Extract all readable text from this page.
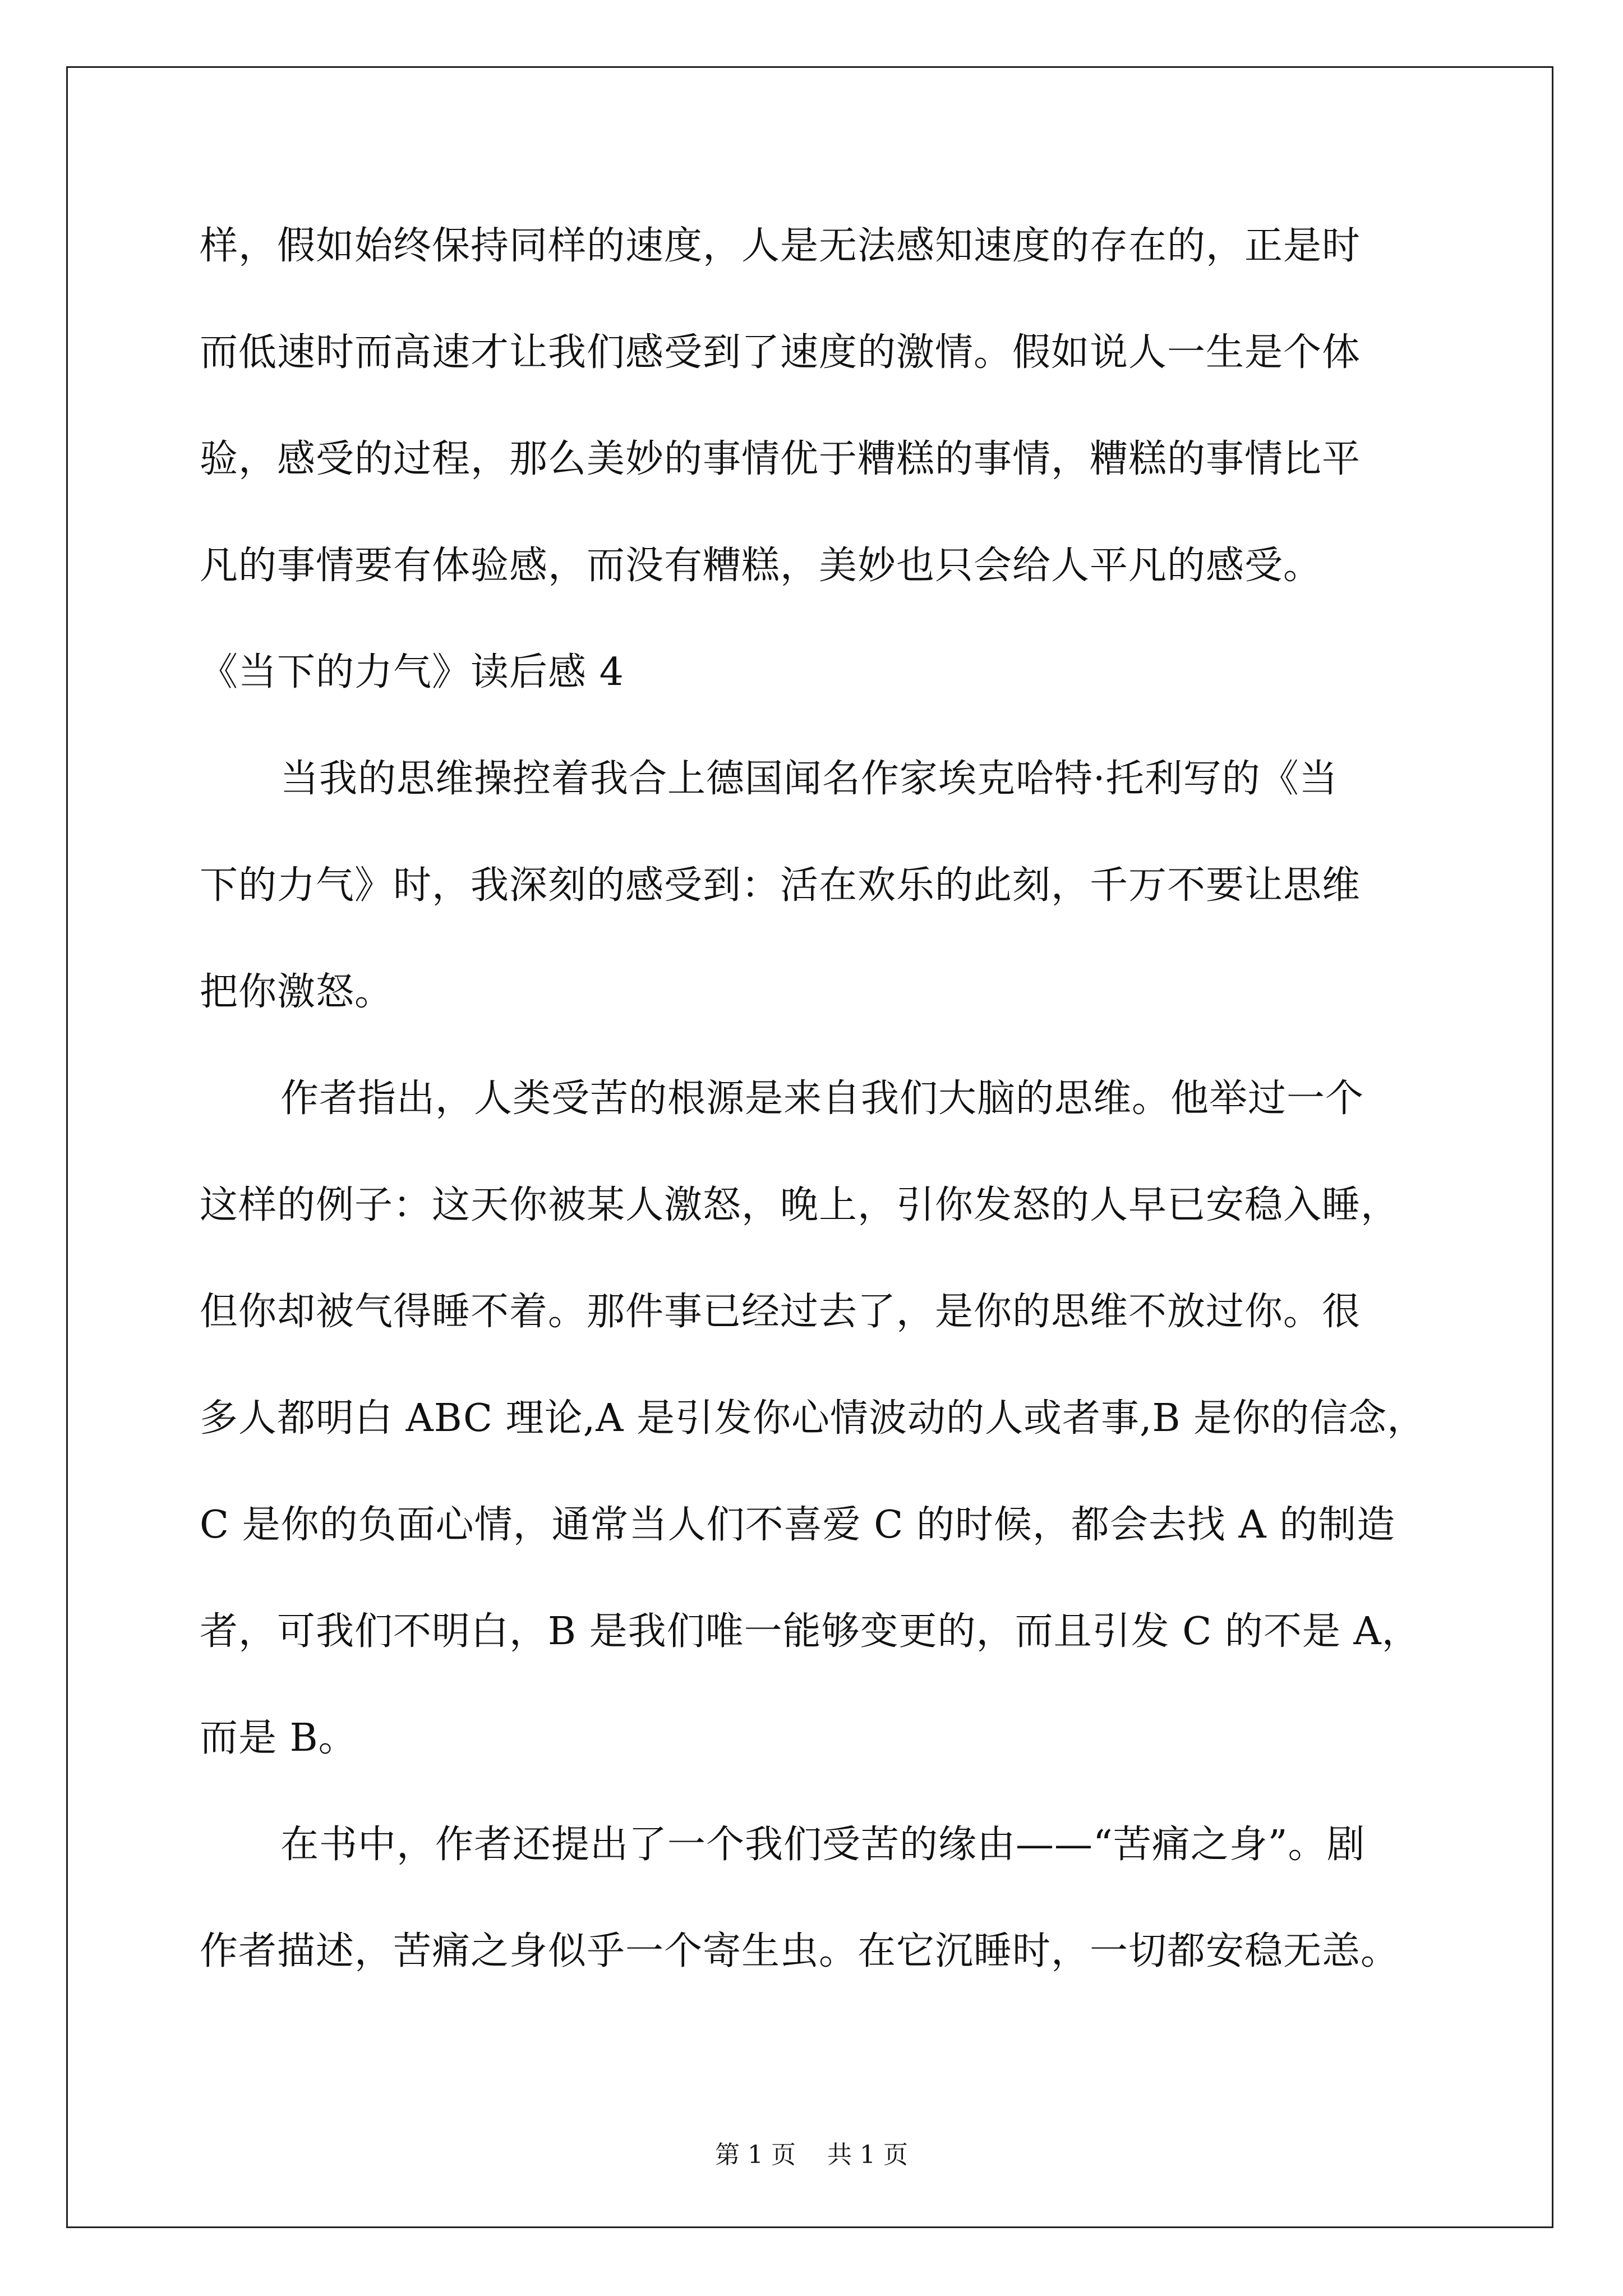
样，假如始终保持同样的速度，人是无法感知速度的存在的，正是时
而低速时而高速才让我们感受到了速度的激情。假如说人一生是个体
验，感受的过程，那么美妙的事情优于糟糕的事情，糟糕的事情比平
凡的事情要有体验感，而没有糟糕，美妙也只会给人平凡的感受。
《当下的力气》读后感 4
当我的思维操控着我合上德国闻名作家埃克哈特·托利写的《当
下的力气》时，我深刻的感受到：活在欢乐的此刻，千万不要让思维
把你激怒。
作者指出，人类受苦的根源是来自我们大脑的思维。他举过一个
这样的例子：这天你被某人激怒，晚上，引你发怒的人早已安稳入睡，
但你却被气得睡不着。那件事已经过去了，是你的思维不放过你。很
多人都明白 ABC 理论,A 是引发你心情波动的人或者事,B 是你的信念，
C 是你的负面心情，通常当人们不喜爱 C 的时候，都会去找 A 的制造
者，可我们不明白，B 是我们唯一能够变更的，而且引发 C 的不是 A，
而是 B。
在书中，作者还提出了一个我们受苦的缘由——“苦痛之身”。剧
作者描述，苦痛之身似乎一个寄生虫。在它沉睡时，一切都安稳无恙。
第 1 页 共 1 页
